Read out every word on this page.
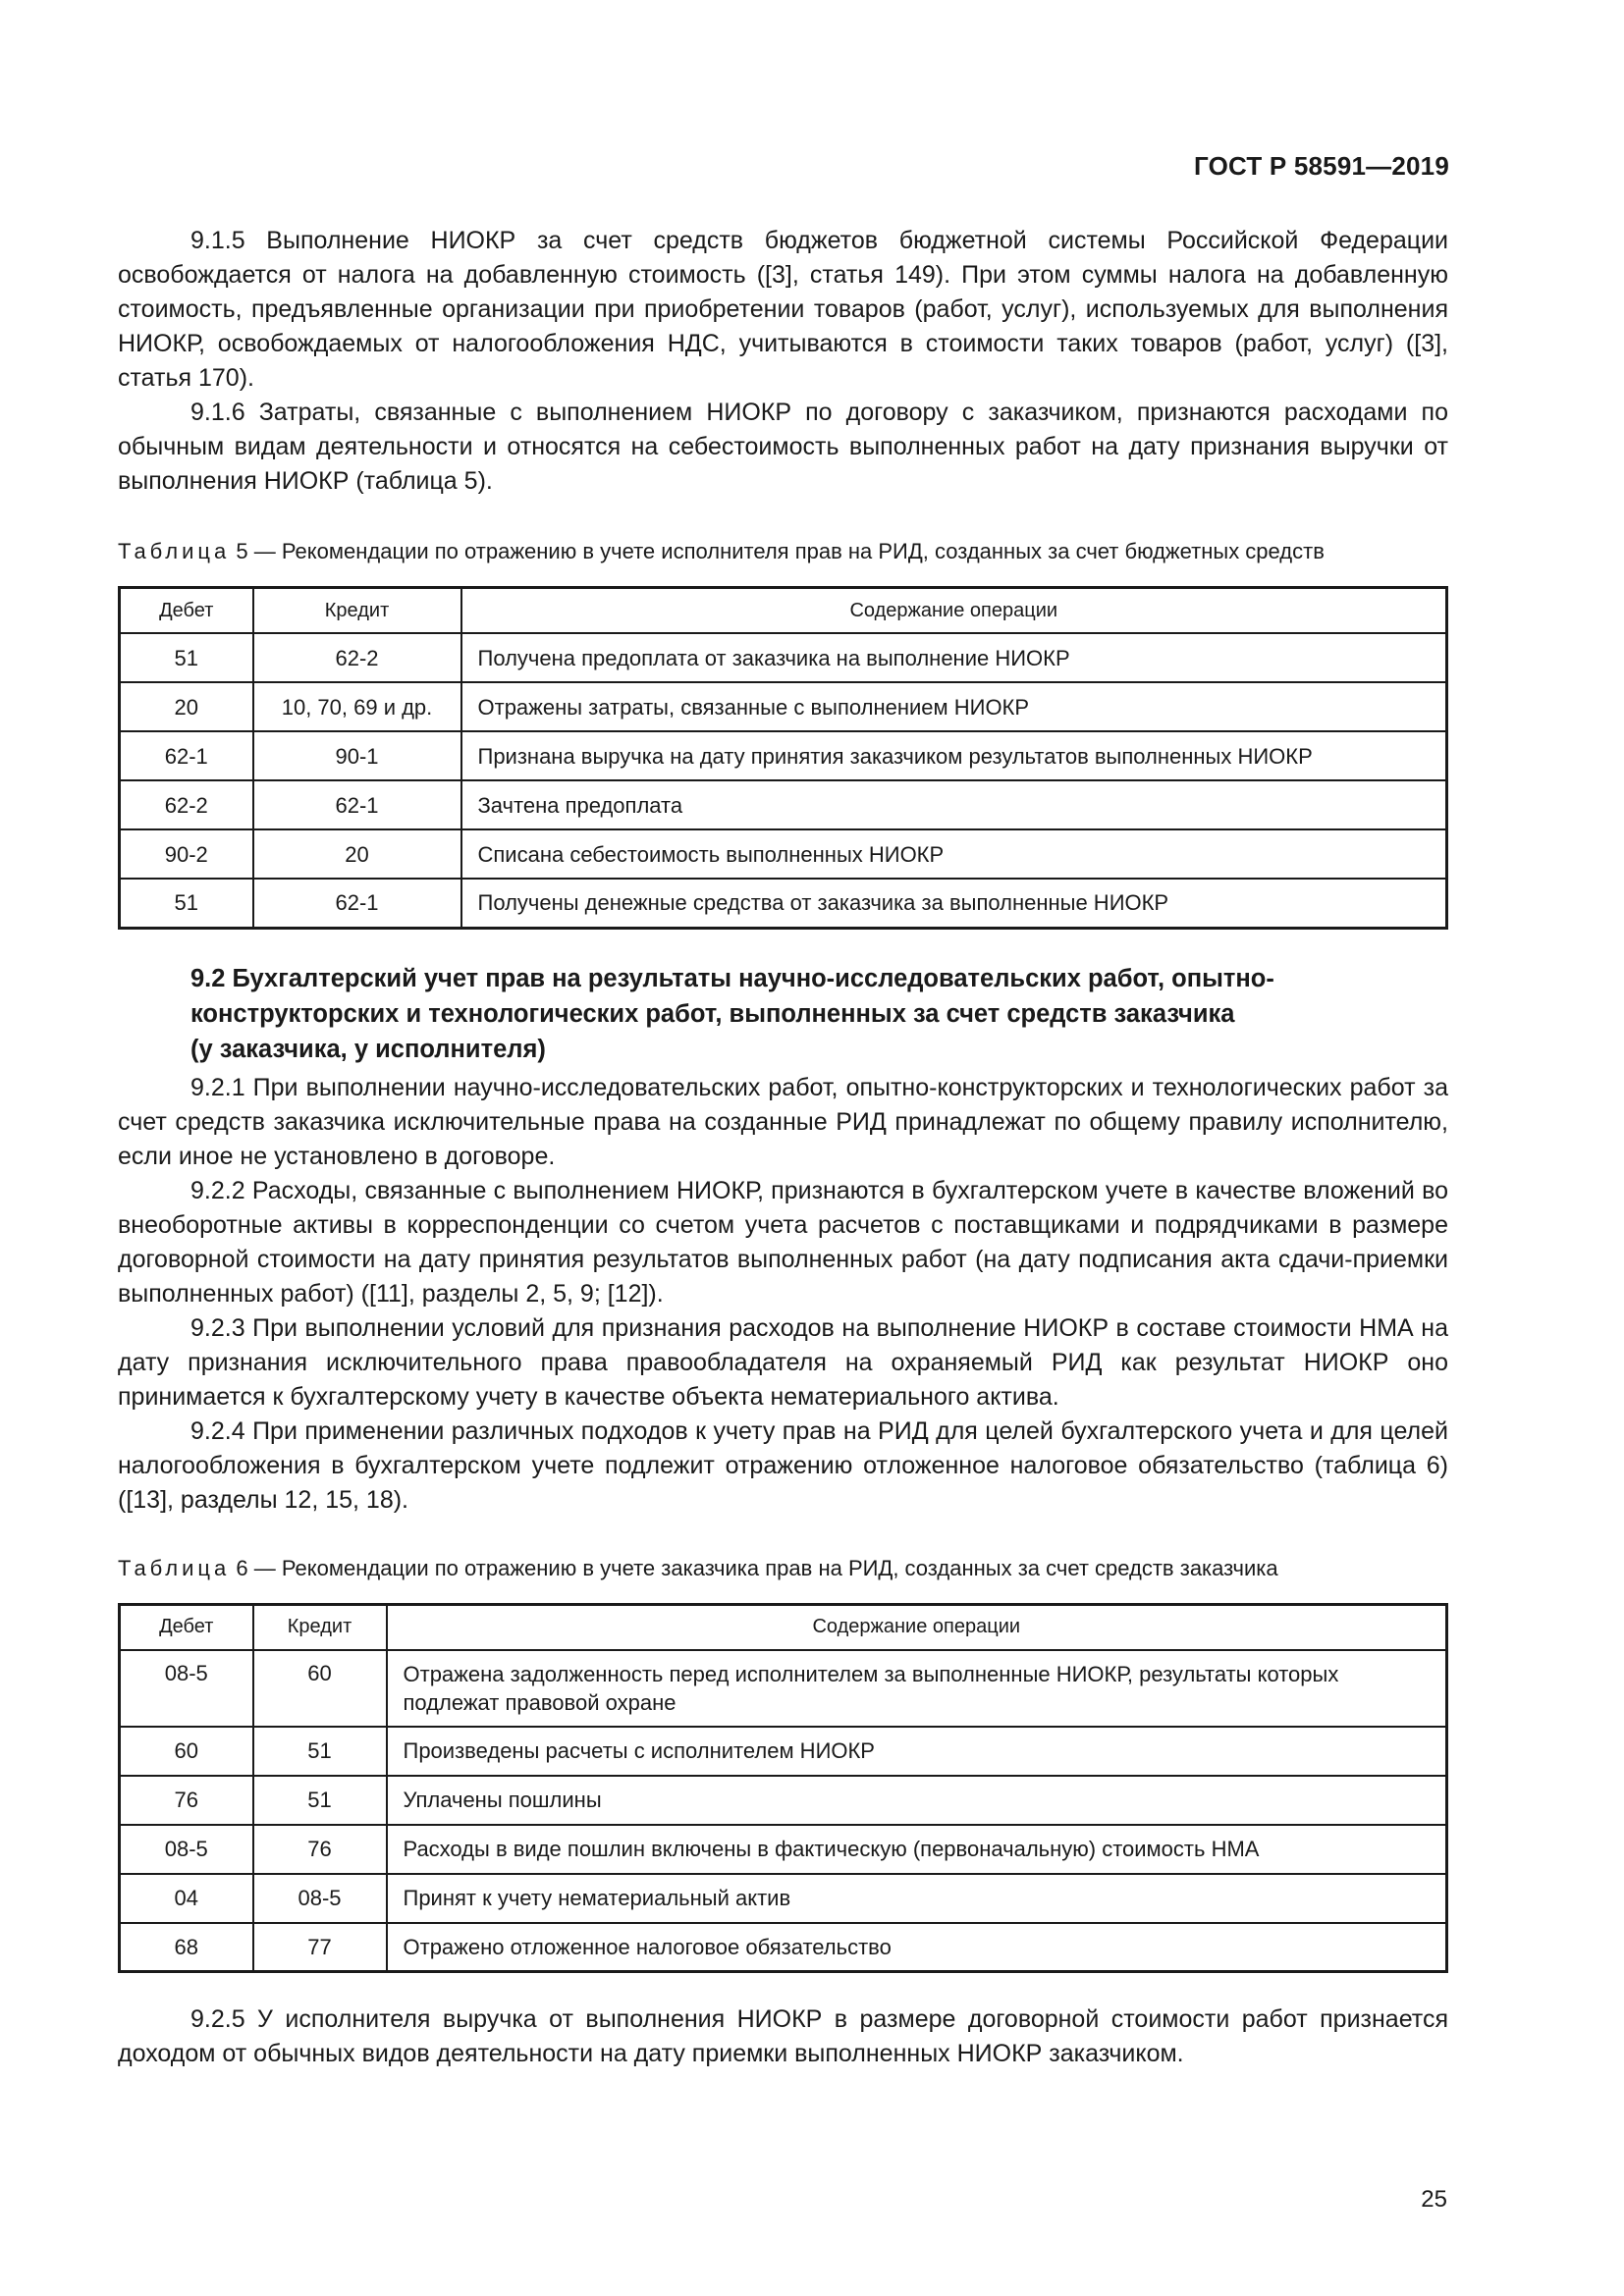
ГОСТ Р 58591—2019

9.1.5 Выполнение НИОКР за счет средств бюджетов бюджетной системы Российской Федерации освобождается от налога на добавленную стоимость ([3], статья 149). При этом суммы налога на добавленную стоимость, предъявленные организации при приобретении товаров (работ, услуг), используемых для выполнения НИОКР, освобождаемых от налогообложения НДС, учитываются в стоимости таких товаров (работ, услуг) ([3], статья 170).

9.1.6 Затраты, связанные с выполнением НИОКР по договору с заказчиком, признаются расходами по обычным видам деятельности и относятся на себестоимость выполненных работ на дату признания выручки от выполнения НИОКР (таблица 5).

Таблица 5 — Рекомендации по отражению в учете исполнителя прав на РИД, созданных за счет бюджетных средств

Дебет	Кредит	Содержание операции
51	62-2	Получена предоплата от заказчика на выполнение НИОКР
20	10, 70, 69 и др.	Отражены затраты, связанные с выполнением НИОКР
62-1	90-1	Признана выручка на дату принятия заказчиком результатов выполненных НИОКР
62-2	62-1	Зачтена предоплата
90-2	20	Списана себестоимость выполненных НИОКР
51	62-1	Получены денежные средства от заказчика за выполненные НИОКР
9.2 Бухгалтерский учет прав на результаты научно-исследовательских работ, опытно-
конструкторских и технологических работ, выполненных за счет средств заказчика
(у заказчика, у исполнителя)

9.2.1 При выполнении научно-исследовательских работ, опытно-конструкторских и технологических работ за счет средств заказчика исключительные права на созданные РИД принадлежат по общему правилу исполнителю, если иное не установлено в договоре.

9.2.2 Расходы, связанные с выполнением НИОКР, признаются в бухгалтерском учете в качестве вложений во внеоборотные активы в корреспонденции со счетом учета расчетов с поставщиками и подрядчиками в размере договорной стоимости на дату принятия результатов выполненных работ (на дату подписания акта сдачи-приемки выполненных работ) ([11], разделы 2, 5, 9; [12]).

9.2.3 При выполнении условий для признания расходов на выполнение НИОКР в составе стоимости НМА на дату признания исключительного права правообладателя на охраняемый РИД как результат НИОКР оно принимается к бухгалтерскому учету в качестве объекта нематериального актива.

9.2.4 При применении различных подходов к учету прав на РИД для целей бухгалтерского учета и для целей налогообложения в бухгалтерском учете подлежит отражению отложенное налоговое обязательство (таблица 6) ([13], разделы 12, 15, 18).

Таблица 6 — Рекомендации по отражению в учете заказчика прав на РИД, созданных за счет средств заказчика

Дебет	Кредит	Содержание операции
08-5	60	Отражена задолженность перед исполнителем за выполненные НИОКР, результаты которых подлежат правовой охране
60	51	Произведены расчеты с исполнителем НИОКР
76	51	Уплачены пошлины
08-5	76	Расходы в виде пошлин включены в фактическую (первоначальную) стоимость НМА
04	08-5	Принят к учету нематериальный актив
68	77	Отражено отложенное налоговое обязательство

9.2.5 У исполнителя выручка от выполнения НИОКР в размере договорной стоимости работ признается доходом от обычных видов деятельности на дату приемки выполненных НИОКР заказчиком.

25
